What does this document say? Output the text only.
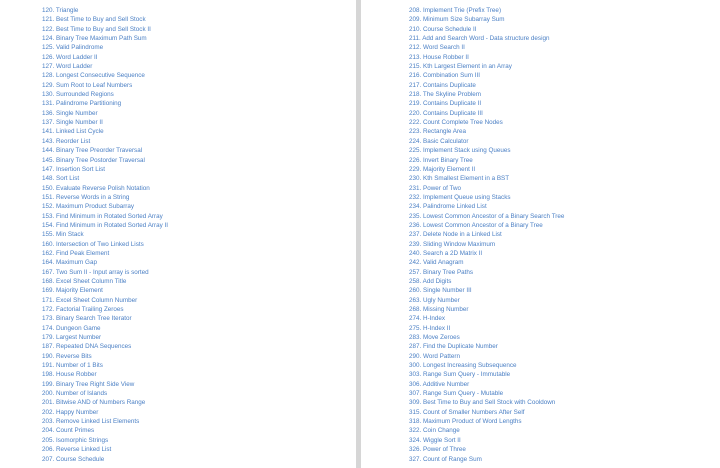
120. Triangle
121. Best Time to Buy and Sell Stock
122. Best Time to Buy and Sell Stock II
124. Binary Tree Maximum Path Sum
125. Valid Palindrome
126. Word Ladder II
127. Word Ladder
128. Longest Consecutive Sequence
129. Sum Root to Leaf Numbers
130. Surrounded Regions
131. Palindrome Partitioning
136. Single Number
137. Single Number II
141. Linked List Cycle
143. Reorder List
144. Binary Tree Preorder Traversal
145. Binary Tree Postorder Traversal
147. Insertion Sort List
148. Sort List
150. Evaluate Reverse Polish Notation
151. Reverse Words in a String
152. Maximum Product Subarray
153. Find Minimum in Rotated Sorted Array
154. Find Minimum in Rotated Sorted Array II
155. Min Stack
160. Intersection of Two Linked Lists
162. Find Peak Element
164. Maximum Gap
167. Two Sum II - Input array is sorted
168. Excel Sheet Column Title
169. Majority Element
171. Excel Sheet Column Number
172. Factorial Trailing Zeroes
173. Binary Search Tree Iterator
174. Dungeon Game
179. Largest Number
187. Repeated DNA Sequences
190. Reverse Bits
191. Number of 1 Bits
198. House Robber
199. Binary Tree Right Side View
200. Number of Islands
201. Bitwise AND of Numbers Range
202. Happy Number
203. Remove Linked List Elements
204. Count Primes
205. Isomorphic Strings
206. Reverse Linked List
207. Course Schedule
208. Implement Trie (Prefix Tree)
209. Minimum Size Subarray Sum
210. Course Schedule II
211. Add and Search Word - Data structure design
212. Word Search II
213. House Robber II
215. Kth Largest Element in an Array
216. Combination Sum III
217. Contains Duplicate
218. The Skyline Problem
219. Contains Duplicate II
220. Contains Duplicate III
222. Count Complete Tree Nodes
223. Rectangle Area
224. Basic Calculator
225. Implement Stack using Queues
226. Invert Binary Tree
229. Majority Element II
230. Kth Smallest Element in a BST
231. Power of Two
232. Implement Queue using Stacks
234. Palindrome Linked List
235. Lowest Common Ancestor of a Binary Search Tree
236. Lowest Common Ancestor of a Binary Tree
237. Delete Node in a Linked List
239. Sliding Window Maximum
240. Search a 2D Matrix II
242. Valid Anagram
257. Binary Tree Paths
258. Add Digits
260. Single Number III
263. Ugly Number
268. Missing Number
274. H-Index
275. H-Index II
283. Move Zeroes
287. Find the Duplicate Number
290. Word Pattern
300. Longest Increasing Subsequence
303. Range Sum Query - Immutable
306. Additive Number
307. Range Sum Query - Mutable
309. Best Time to Buy and Sell Stock with Cooldown
315. Count of Smaller Numbers After Self
318. Maximum Product of Word Lengths
322. Coin Change
324. Wiggle Sort II
326. Power of Three
327. Count of Range Sum
